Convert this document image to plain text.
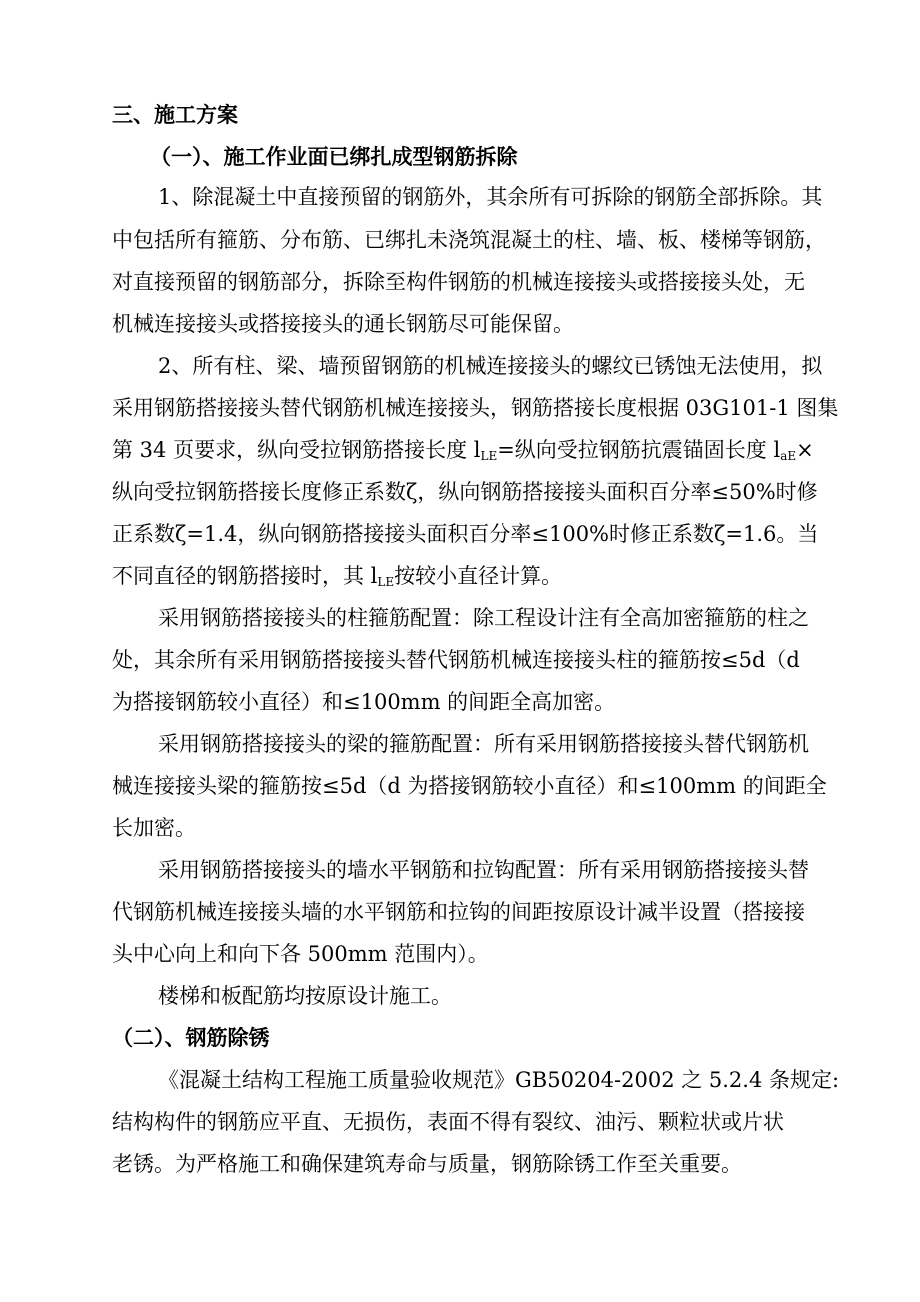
三、施工方案
（一）、施工作业面已绑扎成型钢筋拆除
1、除混凝土中直接预留的钢筋外，其余所有可拆除的钢筋全部拆除。其
中包括所有箍筋、分布筋、已绑扎未浇筑混凝土的柱、墙、板、楼梯等钢筋，
对直接预留的钢筋部分，拆除至构件钢筋的机械连接接头或搭接接头处，无
机械连接接头或搭接接头的通长钢筋尽可能保留。
2、所有柱、梁、墙预留钢筋的机械连接接头的螺纹已锈蚀无法使用，拟
采用钢筋搭接接头替代钢筋机械连接接头，钢筋搭接长度根据 03G101-1 图集
第 34 页要求，纵向受拉钢筋搭接长度 $l_{LE}=$纵向受拉钢筋抗震锚固长度 $l_{aE}\times$
纵向受拉钢筋搭接长度修正系数ζ，纵向钢筋搭接接头面积百分率≤50%时修
正系数ζ=1.4，纵向钢筋搭接接头面积百分率≤100%时修正系数ζ=1.6。当
不同直径的钢筋搭接时，其 $l_{LE}$按较小直径计算。
采用钢筋搭接接头的柱箍筋配置：除工程设计注有全高加密箍筋的柱之
处，其余所有采用钢筋搭接接头替代钢筋机械连接接头柱的箍筋按≤5d（d
为搭接钢筋较小直径）和≤100mm 的间距全高加密。
采用钢筋搭接接头的梁的箍筋配置：所有采用钢筋搭接接头替代钢筋机
械连接接头梁的箍筋按≤5d（d 为搭接钢筋较小直径）和≤100mm 的间距全
长加密。
采用钢筋搭接接头的墙水平钢筋和拉钩配置：所有采用钢筋搭接接头替
代钢筋机械连接接头墙的水平钢筋和拉钩的间距按原设计减半设置（搭接接
头中心向上和向下各 500mm 范围内）。
楼梯和板配筋均按原设计施工。
（二）、钢筋除锈
《混凝土结构工程施工质量验收规范》GB50204-2002 之 5.2.4 条规定:
结构构件的钢筋应平直、无损伤，表面不得有裂纹、油污、颗粒状或片状
老锈。为严格施工和确保建筑寿命与质量，钢筋除锈工作至关重要。
